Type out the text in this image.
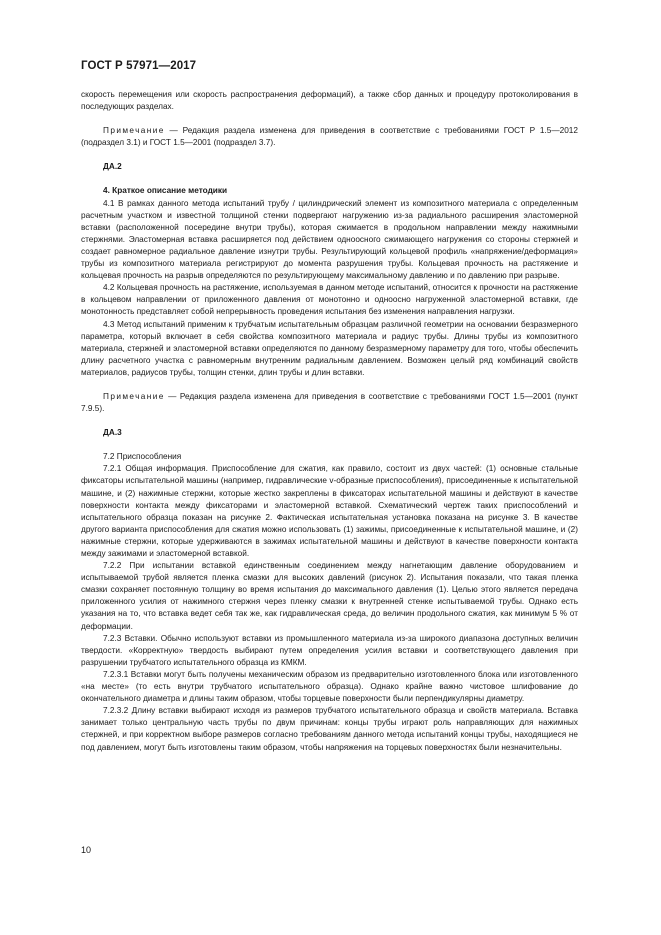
ГОСТ Р 57971—2017

скорость перемещения или скорость распространения деформаций), а также сбор данных и процедуру протоколирования в последующих разделах.

Примечание — Редакция раздела изменена для приведения в соответствие с требованиями ГОСТ Р 1.5—2012 (подраздел 3.1) и ГОСТ 1.5—2001 (подраздел 3.7).

ДА.2

4. Краткое описание методики

4.1 В рамках данного метода испытаний трубу / цилиндрический элемент из композитного материала с определенным расчетным участком и известной толщиной стенки подвергают нагружению из-за радиального расширения эластомерной вставки (расположенной посередине внутри трубы), которая сжимается в продольном направлении между нажимными стержнями. Эластомерная вставка расширяется под действием одноосного сжимающего нагружения со стороны стержней и создает равномерное радиальное давление изнутри трубы. Результирующий кольцевой профиль «напряжение/деформация» трубы из композитного материала регистрируют до момента разрушения трубы. Кольцевая прочность на растяжение и кольцевая прочность на разрыв определяются по результирующему максимальному давлению и по давлению при разрыве.

4.2 Кольцевая прочность на растяжение, используемая в данном методе испытаний, относится к прочности на растяжение в кольцевом направлении от приложенного давления от монотонно и одноосно нагруженной эластомерной вставки, где монотонность представляет собой непрерывность проведения испытания без изменения направления нагрузки.

4.3 Метод испытаний применим к трубчатым испытательным образцам различной геометрии на основании безразмерного параметра, который включает в себя свойства композитного материала и радиус трубы. Длины трубы из композитного материала, стержней и эластомерной вставки определяются по данному безразмерному параметру для того, чтобы обеспечить длину расчетного участка с равномерным внутренним радиальным давлением. Возможен целый ряд комбинаций свойств материалов, радиусов трубы, толщин стенки, длин трубы и длин вставки.

Примечание — Редакция раздела изменена для приведения в соответствие с требованиями ГОСТ 1.5—2001 (пункт 7.9.5).

ДА.3

7.2 Приспособления

7.2.1 Общая информация. Приспособление для сжатия, как правило, состоит из двух частей: (1) основные стальные фиксаторы испытательной машины (например, гидравлические v-образные приспособления), присоединенные к испытательной машине, и (2) нажимные стержни, которые жестко закреплены в фиксаторах испытательной машины и действуют в качестве поверхности контакта между фиксаторами и эластомерной вставкой. Схематический чертеж таких приспособлений и испытательного образца показан на рисунке 2. Фактическая испытательная установка показана на рисунке 3. В качестве другого варианта приспособления для сжатия можно использовать (1) зажимы, присоединенные к испытательной машине, и (2) нажимные стержни, которые удерживаются в зажимах испытательной машины и действуют в качестве поверхности контакта между зажимами и эластомерной вставкой.

7.2.2 При испытании вставкой единственным соединением между нагнетающим давление оборудованием и испытываемой трубой является пленка смазки для высоких давлений (рисунок 2). Испытания показали, что такая пленка смазки сохраняет постоянную толщину во время испытания до максимального давления (1). Целью этого является передача приложенного усилия от нажимного стержня через пленку смазки к внутренней стенке испытываемой трубы. Однако есть указания на то, что вставка ведет себя так же, как гидравлическая среда, до величин продольного сжатия, как минимум 5 % от деформации.

7.2.3 Вставки. Обычно используют вставки из промышленного материала из-за широкого диапазона доступных величин твердости. «Корректную» твердость выбирают путем определения усилия вставки и соответствующего давления при разрушении трубчатого испытательного образца из КМКМ.

7.2.3.1 Вставки могут быть получены механическим образом из предварительно изготовленного блока или изготовленного «на месте» (то есть внутри трубчатого испытательного образца). Однако крайне важно чистовое шлифование до окончательного диаметра и длины таким образом, чтобы торцевые поверхности были перпендикулярны диаметру.

7.2.3.2 Длину вставки выбирают исходя из размеров трубчатого испытательного образца и свойств материала. Вставка занимает только центральную часть трубы по двум причинам: концы трубы играют роль направляющих для нажимных стержней, и при корректном выборе размеров согласно требованиям данного метода испытаний концы трубы, находящиеся не под давлением, могут быть изготовлены таким образом, чтобы напряжения на торцевых поверхностях были незначительны.

10
